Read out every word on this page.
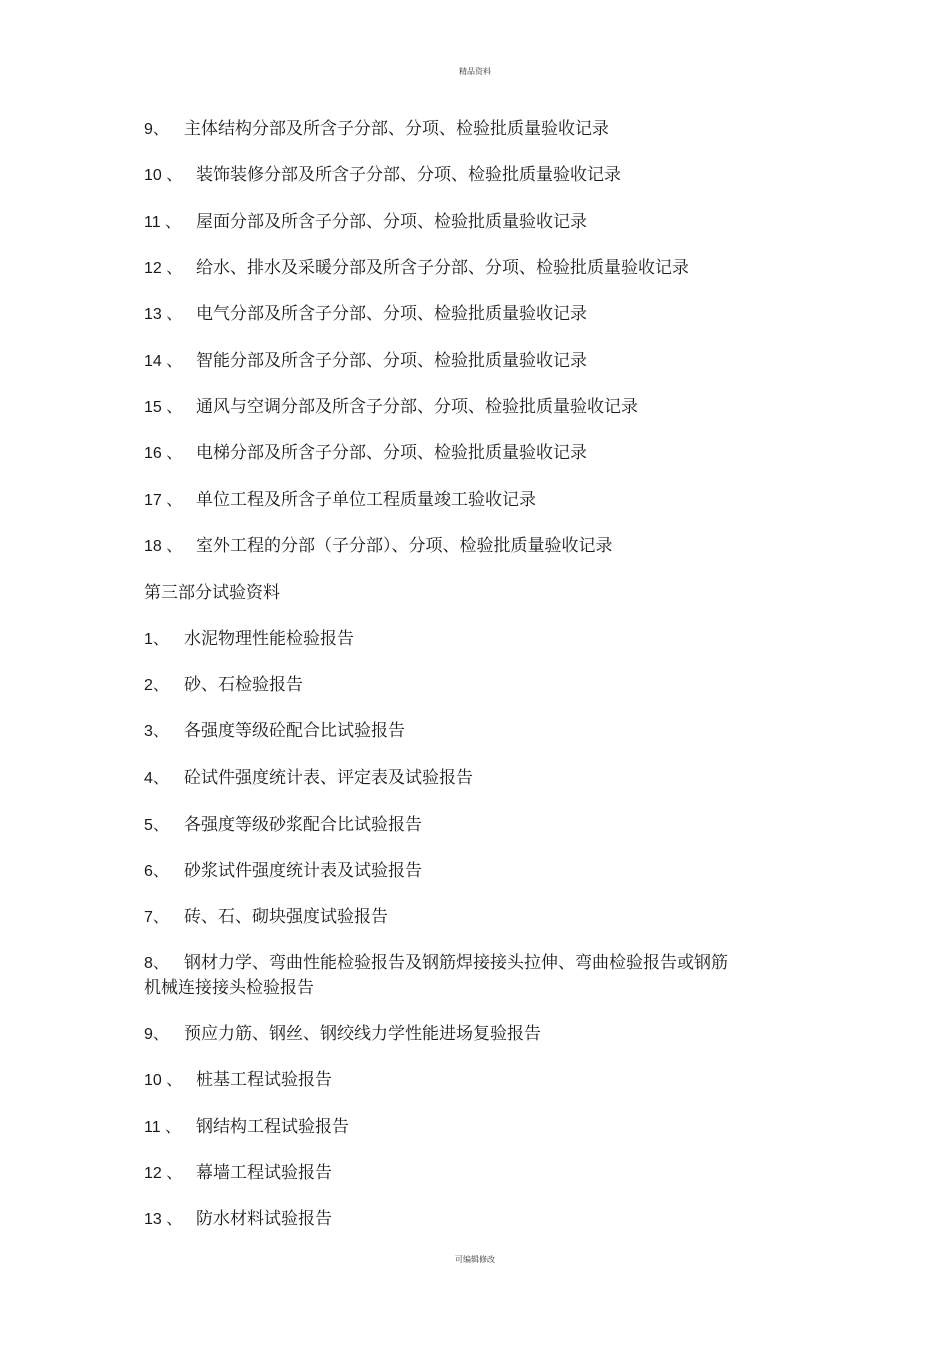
精品资料
9、 主体结构分部及所含子分部、分项、检验批质量验收记录
10 、 装饰装修分部及所含子分部、分项、检验批质量验收记录
11 、 屋面分部及所含子分部、分项、检验批质量验收记录
12 、 给水、排水及采暖分部及所含子分部、分项、检验批质量验收记录
13 、 电气分部及所含子分部、分项、检验批质量验收记录
14 、 智能分部及所含子分部、分项、检验批质量验收记录
15 、 通风与空调分部及所含子分部、分项、检验批质量验收记录
16 、 电梯分部及所含子分部、分项、检验批质量验收记录
17 、 单位工程及所含子单位工程质量竣工验收记录
18 、 室外工程的分部（子分部）、分项、检验批质量验收记录
第三部分试验资料
1、 水泥物理性能检验报告
2、 砂、石检验报告
3、 各强度等级砼配合比试验报告
4、 砼试件强度统计表、评定表及试验报告
5、 各强度等级砂浆配合比试验报告
6、 砂浆试件强度统计表及试验报告
7、 砖、石、砌块强度试验报告
8、 钢材力学、弯曲性能检验报告及钢筋焊接接头拉伸、弯曲检验报告或钢筋
机械连接接头检验报告
9、 预应力筋、钢丝、钢绞线力学性能进场复验报告
10 、 桩基工程试验报告
11 、 钢结构工程试验报告
12 、 幕墙工程试验报告
13 、 防水材料试验报告
可编辑修改
